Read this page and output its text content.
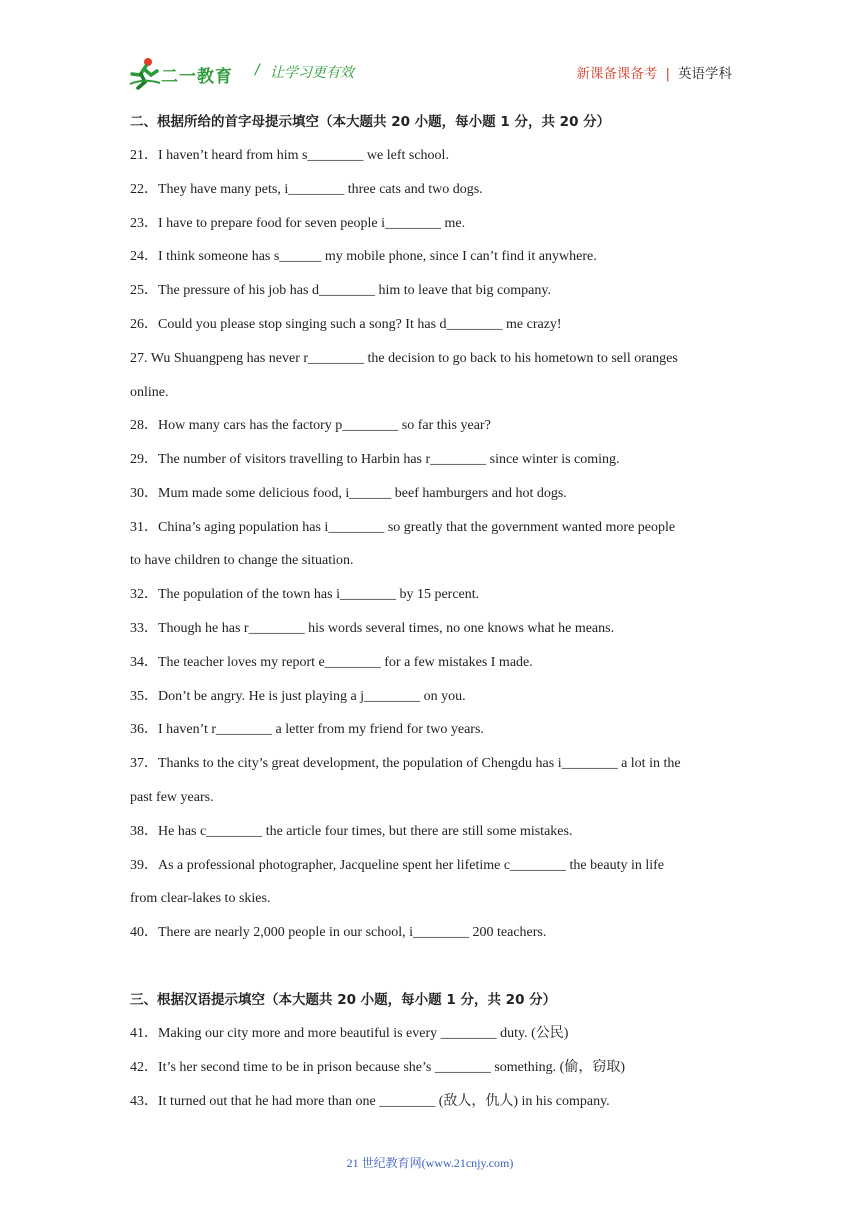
二一教育 / 让学习更有效	新课备课备考 | 英语学科
二、根据所给的首字母提示填空（本大题共 20 小题，每小题 1 分，共 20 分）
21．I haven’t heard from him s________ we left school.
22．They have many pets, i________ three cats and two dogs.
23．I have to prepare food for seven people i________ me.
24．I think someone has s______ my mobile phone, since I can’t find it anywhere.
25．The pressure of his job has d________ him to leave that big company.
26．Could you please stop singing such a song? It has d________ me crazy!
27. Wu Shuangpeng has never r________ the decision to go back to his hometown to sell oranges
online.
28．How many cars has the factory p________ so far this year?
29．The number of visitors travelling to Harbin has r________ since winter is coming.
30．Mum made some delicious food, i______ beef hamburgers and hot dogs.
31．China’s aging population has i________ so greatly that the government wanted more people
to have children to change the situation.
32．The population of the town has i________ by 15 percent.
33．Though he has r________ his words several times, no one knows what he means.
34．The teacher loves my report e________ for a few mistakes I made.
35．Don’t be angry. He is just playing a j________ on you.
36．I haven’t r________ a letter from my friend for two years.
37．Thanks to the city’s great development, the population of Chengdu has i________ a lot in the
past few years.
38．He has c________ the article four times, but there are still some mistakes.
39．As a professional photographer, Jacqueline spent her lifetime c________ the beauty in life
from clear-lakes to skies.
40．There are nearly 2,000 people in our school, i________ 200 teachers.
三、根据汉语提示填空（本大题共 20 小题，每小题 1 分，共 20 分）
41．Making our city more and more beautiful is every ________ duty. (公民)
42．It’s her second time to be in prison because she’s ________ something. (偷，窃取)
43．It turned out that he had more than one ________ (敌人，仇人) in his company.
21 世纪教育网(www.21cnjy.com)
